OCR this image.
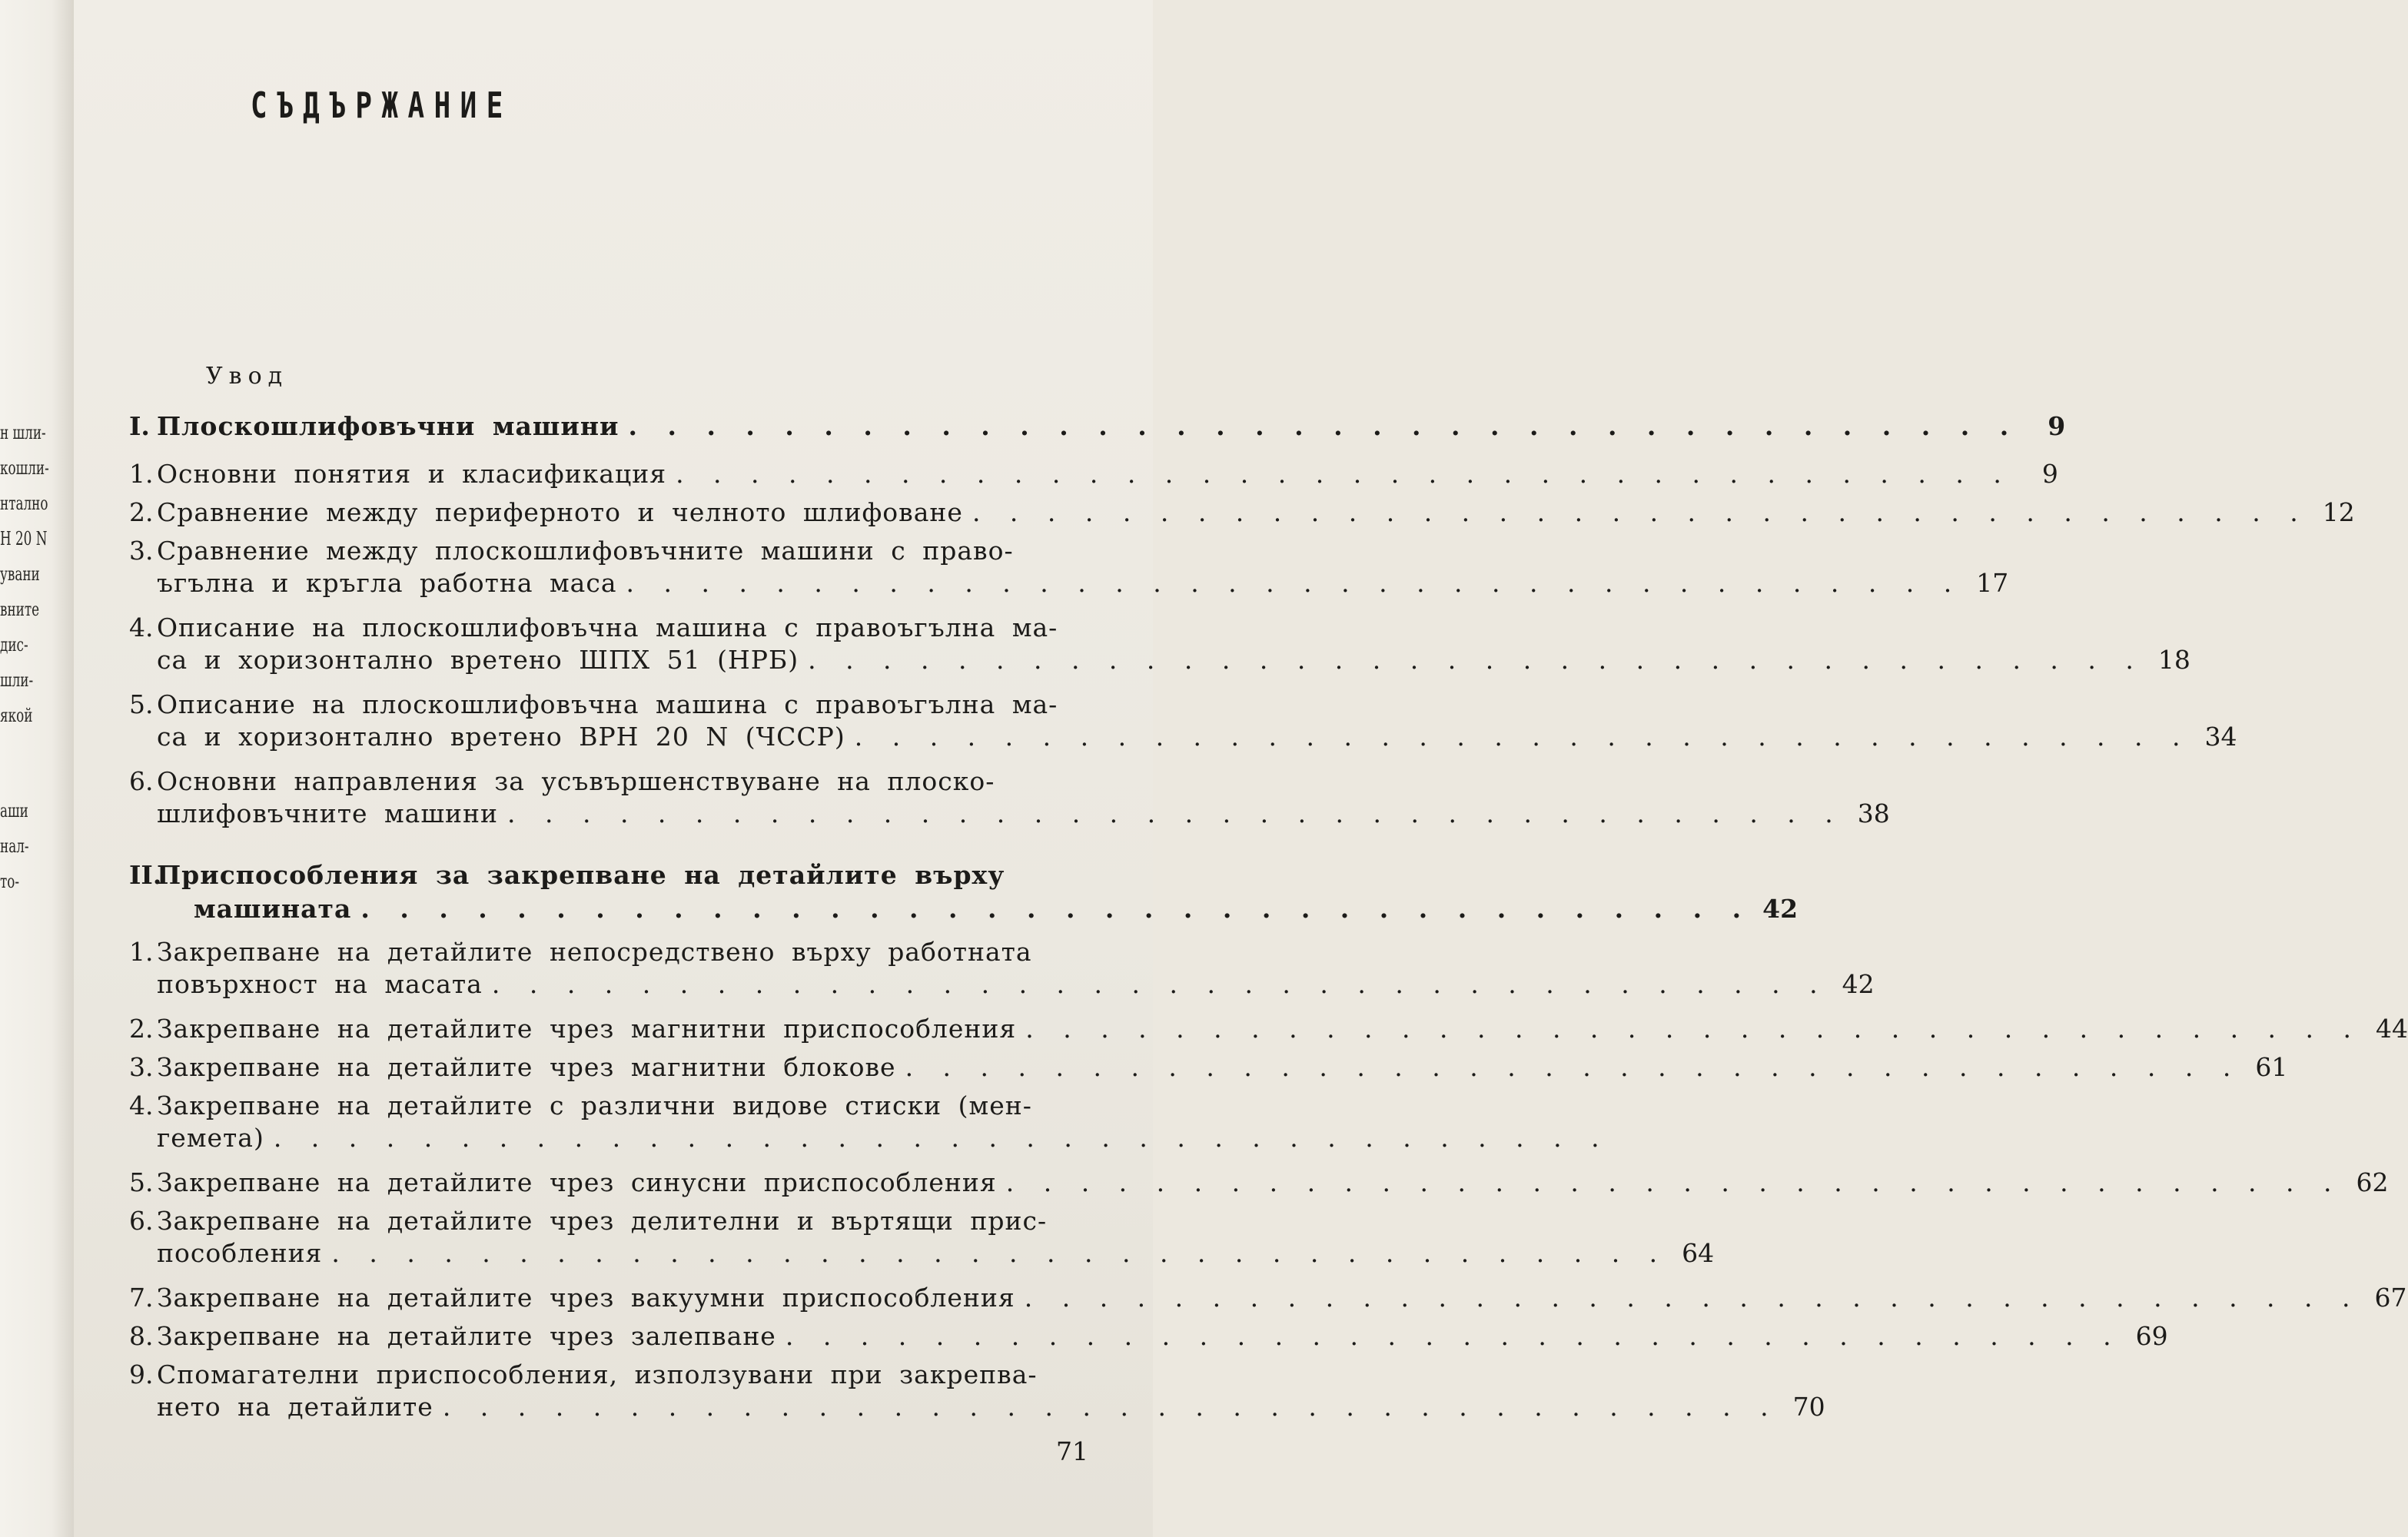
н шли-
кошли-
нтално
Н 20 N
увани
вните
дис-
шли-
якой
аши
нал-
то-
СЪДЪРЖАНИЕ
Увод
I. Плоскошлифовъчни машини . . . . . . . . . . . . . . . . . . . . . . . . . . . . . . . . . . . .	9
1. Основни понятия и класификация . . . . . . . . . . . . . . . . . . . . . . . . . . . . . . . . . . . .	9
2. Сравнение между периферното и челното шлифоване . . . . . . . . . . . . . . . . . . . . . . . . . . . . . . . . . . . . 12
3. Сравнение между плоскошлифовъчните машини с право-
ъгълна и кръгла работна маса . . . . . . . . . . . . . . . . . . . . . . . . . . . . . . . . . . . . 17
4. Описание на плоскошлифовъчна машина с правоъгълна ма-
са и хоризонтално вретено ШПХ 51 (НРБ) . . . . . . . . . . . . . . . . . . . . . . . . . . . . . . . . . . . . 18
5. Описание на плоскошлифовъчна машина с правоъгълна ма-
са и хоризонтално вретено BPH 20 N (ЧССР) . . . . . . . . . . . . . . . . . . . . . . . . . . . . . . . . . . . . 34
6. Основни направления за усъвършенствуване на плоско-
шлифовъчните машини . . . . . . . . . . . . . . . . . . . . . . . . . . . . . . . . . . . . 38
II.
Приспособления за закрепване на детайлите върху
машината . . . . . . . . . . . . . . . . . . . . . . . . . . . . . . . . . . . . 42
1. Закрепване на детайлите непосредствено върху работната
повърхност на масата . . . . . . . . . . . . . . . . . . . . . . . . . . . . . . . . . . . . 42
2. Закрепване на детайлите чрез магнитни приспособления . . . . . . . . . . . . . . . . . . . . . . . . . . . . . . . . . . . . 44
3. Закрепване на детайлите чрез магнитни блокове . . . . . . . . . . . . . . . . . . . . . . . . . . . . . . . . . . . . 61
4. Закрепване на детайлите с различни видове стиски (мен-
гемета) . . . . . . . . . . . . . . . . . . . . . . . . . . . . . . . . . . . .
5. Закрепване на детайлите чрез синусни приспособления . . . . . . . . . . . . . . . . . . . . . . . . . . . . . . . . . . . . 62
6. Закрепване на детайлите чрез делителни и въртящи прис-
пособления . . . . . . . . . . . . . . . . . . . . . . . . . . . . . . . . . . . . 64
7. Закрепване на детайлите чрез вакуумни приспособления . . . . . . . . . . . . . . . . . . . . . . . . . . . . . . . . . . . . 67
8. Закрепване на детайлите чрез залепване . . . . . . . . . . . . . . . . . . . . . . . . . . . . . . . . . . . . 69
9. Спомагателни приспособления, използувани при закрепва-
нето на детайлите . . . . . . . . . . . . . . . . . . . . . . . . . . . . . . . . . . . . 70
71
